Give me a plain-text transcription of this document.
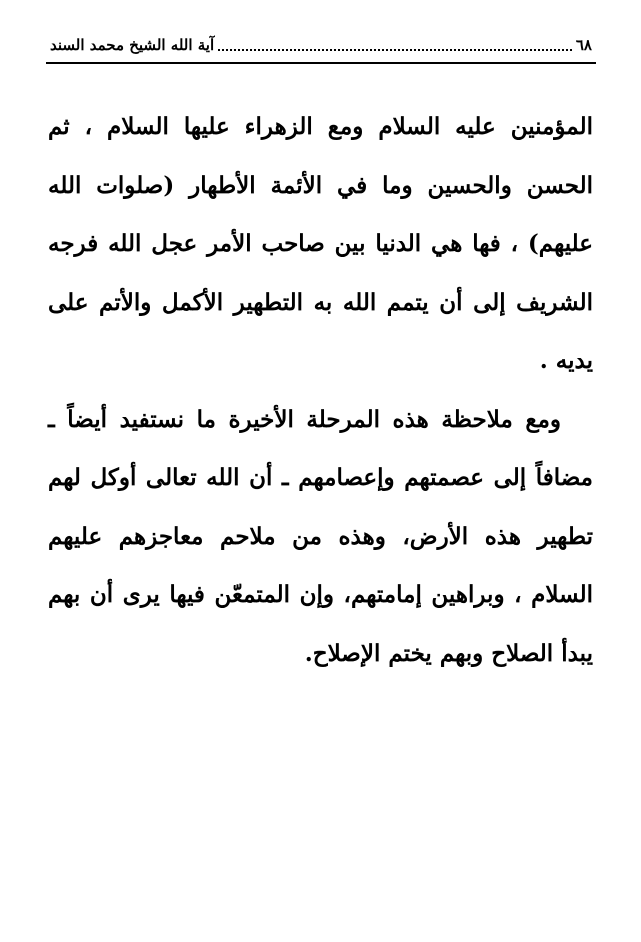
٦٨
آية الله الشيخ محمد السند

المؤمنين عليه السلام ومع الزهراء عليها السلام ، ثم الحسن والحسين وما في الأئمة الأطهار (صلوات الله عليهم) ، فها هي الدنيا بين صاحب الأمر عجل الله فرجه الشريف إلى أن يتمم الله به التطهير الأكمل والأتم على يديه .

ومع ملاحظة هذه المرحلة الأخيرة ما نستفيد أيضاً ـ مضافاً إلى عصمتهم وإعصامهم ـ أن الله تعالى أوكل لهم تطهير هذه الأرض، وهذه من ملاحم معاجزهم عليهم السلام ، وبراهين إمامتهم، وإن المتمعّن فيها يرى أن بهم يبدأ الصلاح وبهم يختم الإصلاح.
